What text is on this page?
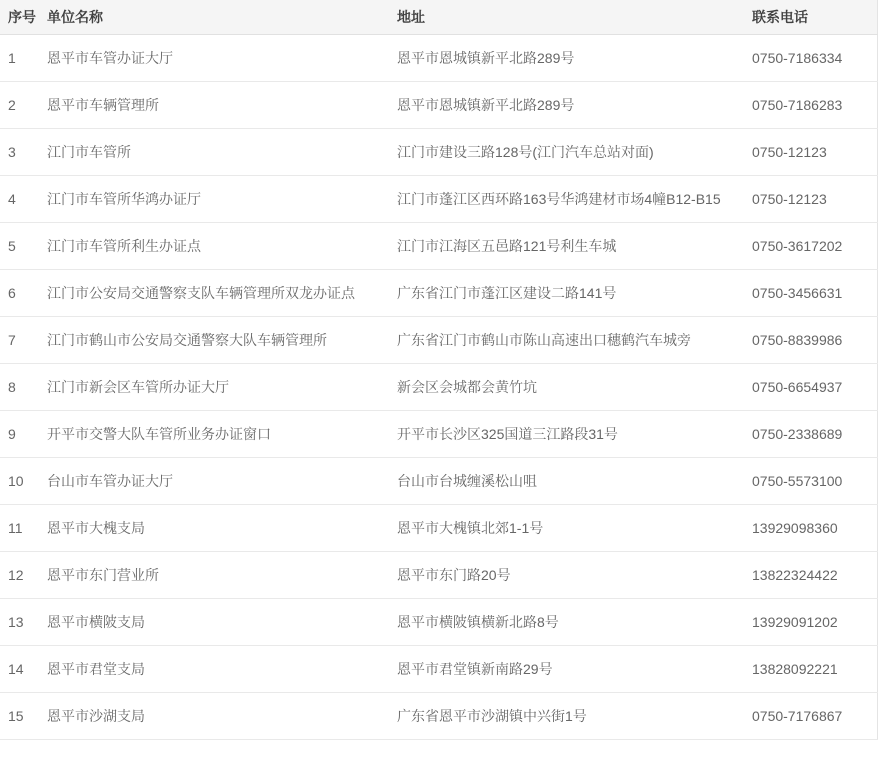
序号	单位名称	地址	联系电话
1	恩平市车管办证大厅	恩平市恩城镇新平北路289号	0750-7186334
2	恩平市车辆管理所	恩平市恩城镇新平北路289号	0750-7186283
3	江门市车管所	江门市建设三路128号(江门汽车总站对面)	0750-12123
4	江门市车管所华鸿办证厅	江门市蓬江区西环路163号华鸿建材市场4幢B12-B15	0750-12123
5	江门市车管所利生办证点	江门市江海区五邑路121号利生车城	0750-3617202
6	江门市公安局交通警察支队车辆管理所双龙办证点	广东省江门市蓬江区建设二路141号	0750-3456631
7	江门市鹤山市公安局交通警察大队车辆管理所	广东省江门市鹤山市陈山高速出口穗鹤汽车城旁	0750-8839986
8	江门市新会区车管所办证大厅	新会区会城都会黄竹坑	0750-6654937
9	开平市交警大队车管所业务办证窗口	开平市长沙区325国道三江路段31号	0750-2338689
10	台山市车管办证大厅	台山市台城缠溪松山咀	0750-5573100
11	恩平市大槐支局	恩平市大槐镇北郊1-1号	13929098360
12	恩平市东门营业所	恩平市东门路20号	13822324422
13	恩平市横陂支局	恩平市横陂镇横新北路8号	13929091202
14	恩平市君堂支局	恩平市君堂镇新南路29号	13828092221
15	恩平市沙湖支局	广东省恩平市沙湖镇中兴街1号	0750-7176867
